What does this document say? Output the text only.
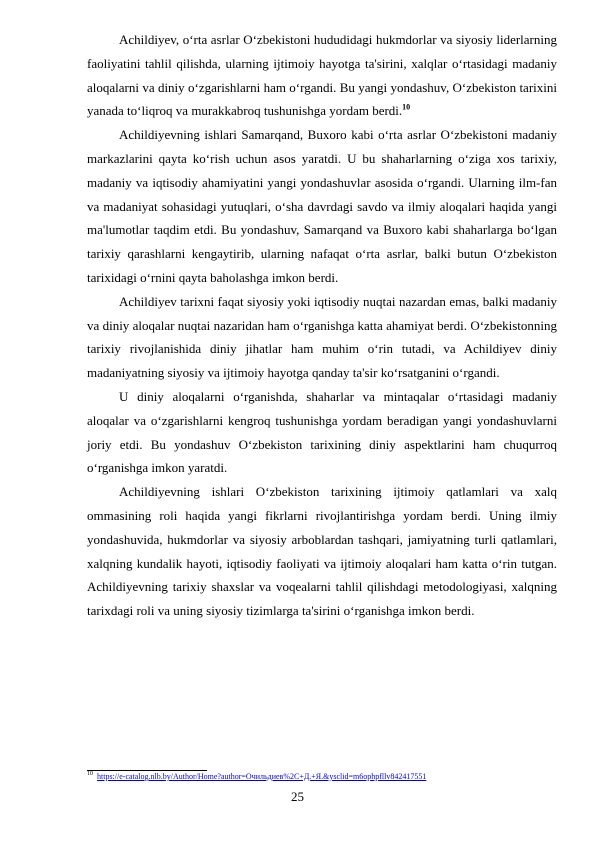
Achildiyev, o‘rta asrlar O‘zbekistoni hududidagi hukmdorlar va siyosiy liderlarning faoliyatini tahlil qilishda, ularning ijtimoiy hayotga ta'sirini, xalqlar o‘rtasidagi madaniy aloqalarni va diniy o‘zgarishlarni ham o‘rgandi. Bu yangi yondashuv, O‘zbekiston tarixini yanada to‘liqroq va murakkabroq tushunishga yordam berdi.$^{10}$

Achildiyevning ishlari Samarqand, Buxoro kabi o‘rta asrlar O‘zbekistoni madaniy markazlarini qayta ko‘rish uchun asos yaratdi. U bu shaharlarning o‘ziga xos tarixiy, madaniy va iqtisodiy ahamiyatini yangi yondashuvlar asosida o‘rgandi. Ularning ilm-fan va madaniyat sohasidagi yutuqlari, o‘sha davrdagi savdo va ilmiy aloqalari haqida yangi ma'lumotlar taqdim etdi. Bu yondashuv, Samarqand va Buxoro kabi shaharlarga bo‘lgan tarixiy qarashlarni kengaytirib, ularning nafaqat o‘rta asrlar, balki butun O‘zbekiston tarixidagi o‘rnini qayta baholashga imkon berdi.

Achildiyev tarixni faqat siyosiy yoki iqtisodiy nuqtai nazardan emas, balki madaniy va diniy aloqalar nuqtai nazaridan ham o‘rganishga katta ahamiyat berdi. O‘zbekistonning tarixiy rivojlanishida diniy jihatlar ham muhim o‘rin tutadi, va Achildiyev diniy madaniyatning siyosiy va ijtimoiy hayotga qanday ta'sir ko‘rsatganini o‘rgandi.

U diniy aloqalarni o‘rganishda, shaharlar va mintaqalar o‘rtasidagi madaniy aloqalar va o‘zgarishlarni kengroq tushunishga yordam beradigan yangi yondashuvlarni joriy etdi. Bu yondashuv O‘zbekiston tarixining diniy aspektlarini ham chuqurroq o‘rganishga imkon yaratdi.

Achildiyevning ishlari O‘zbekiston tarixining ijtimoiy qatlamlari va xalq ommasining roli haqida yangi fikrlarni rivojlantirishga yordam berdi. Uning ilmiy yondashuvida, hukmdorlar va siyosiy arboblardan tashqari, jamiyatning turli qatlamlari, xalqning kundalik hayoti, iqtisodiy faoliyati va ijtimoiy aloqalari ham katta o‘rin tutgan. Achildiyevning tarixiy shaxslar va voqealarni tahlil qilishdagi metodologiyasi, xalqning tarixdagi roli va uning siyosiy tizimlarga ta'sirini o‘rganishga imkon berdi.

$^{10}$ https://e-catalog.nlb.by/Author/Home?author=Очильдиев%2C+Д.+Я.&ysclid=m6ophpfllv842417551
25
